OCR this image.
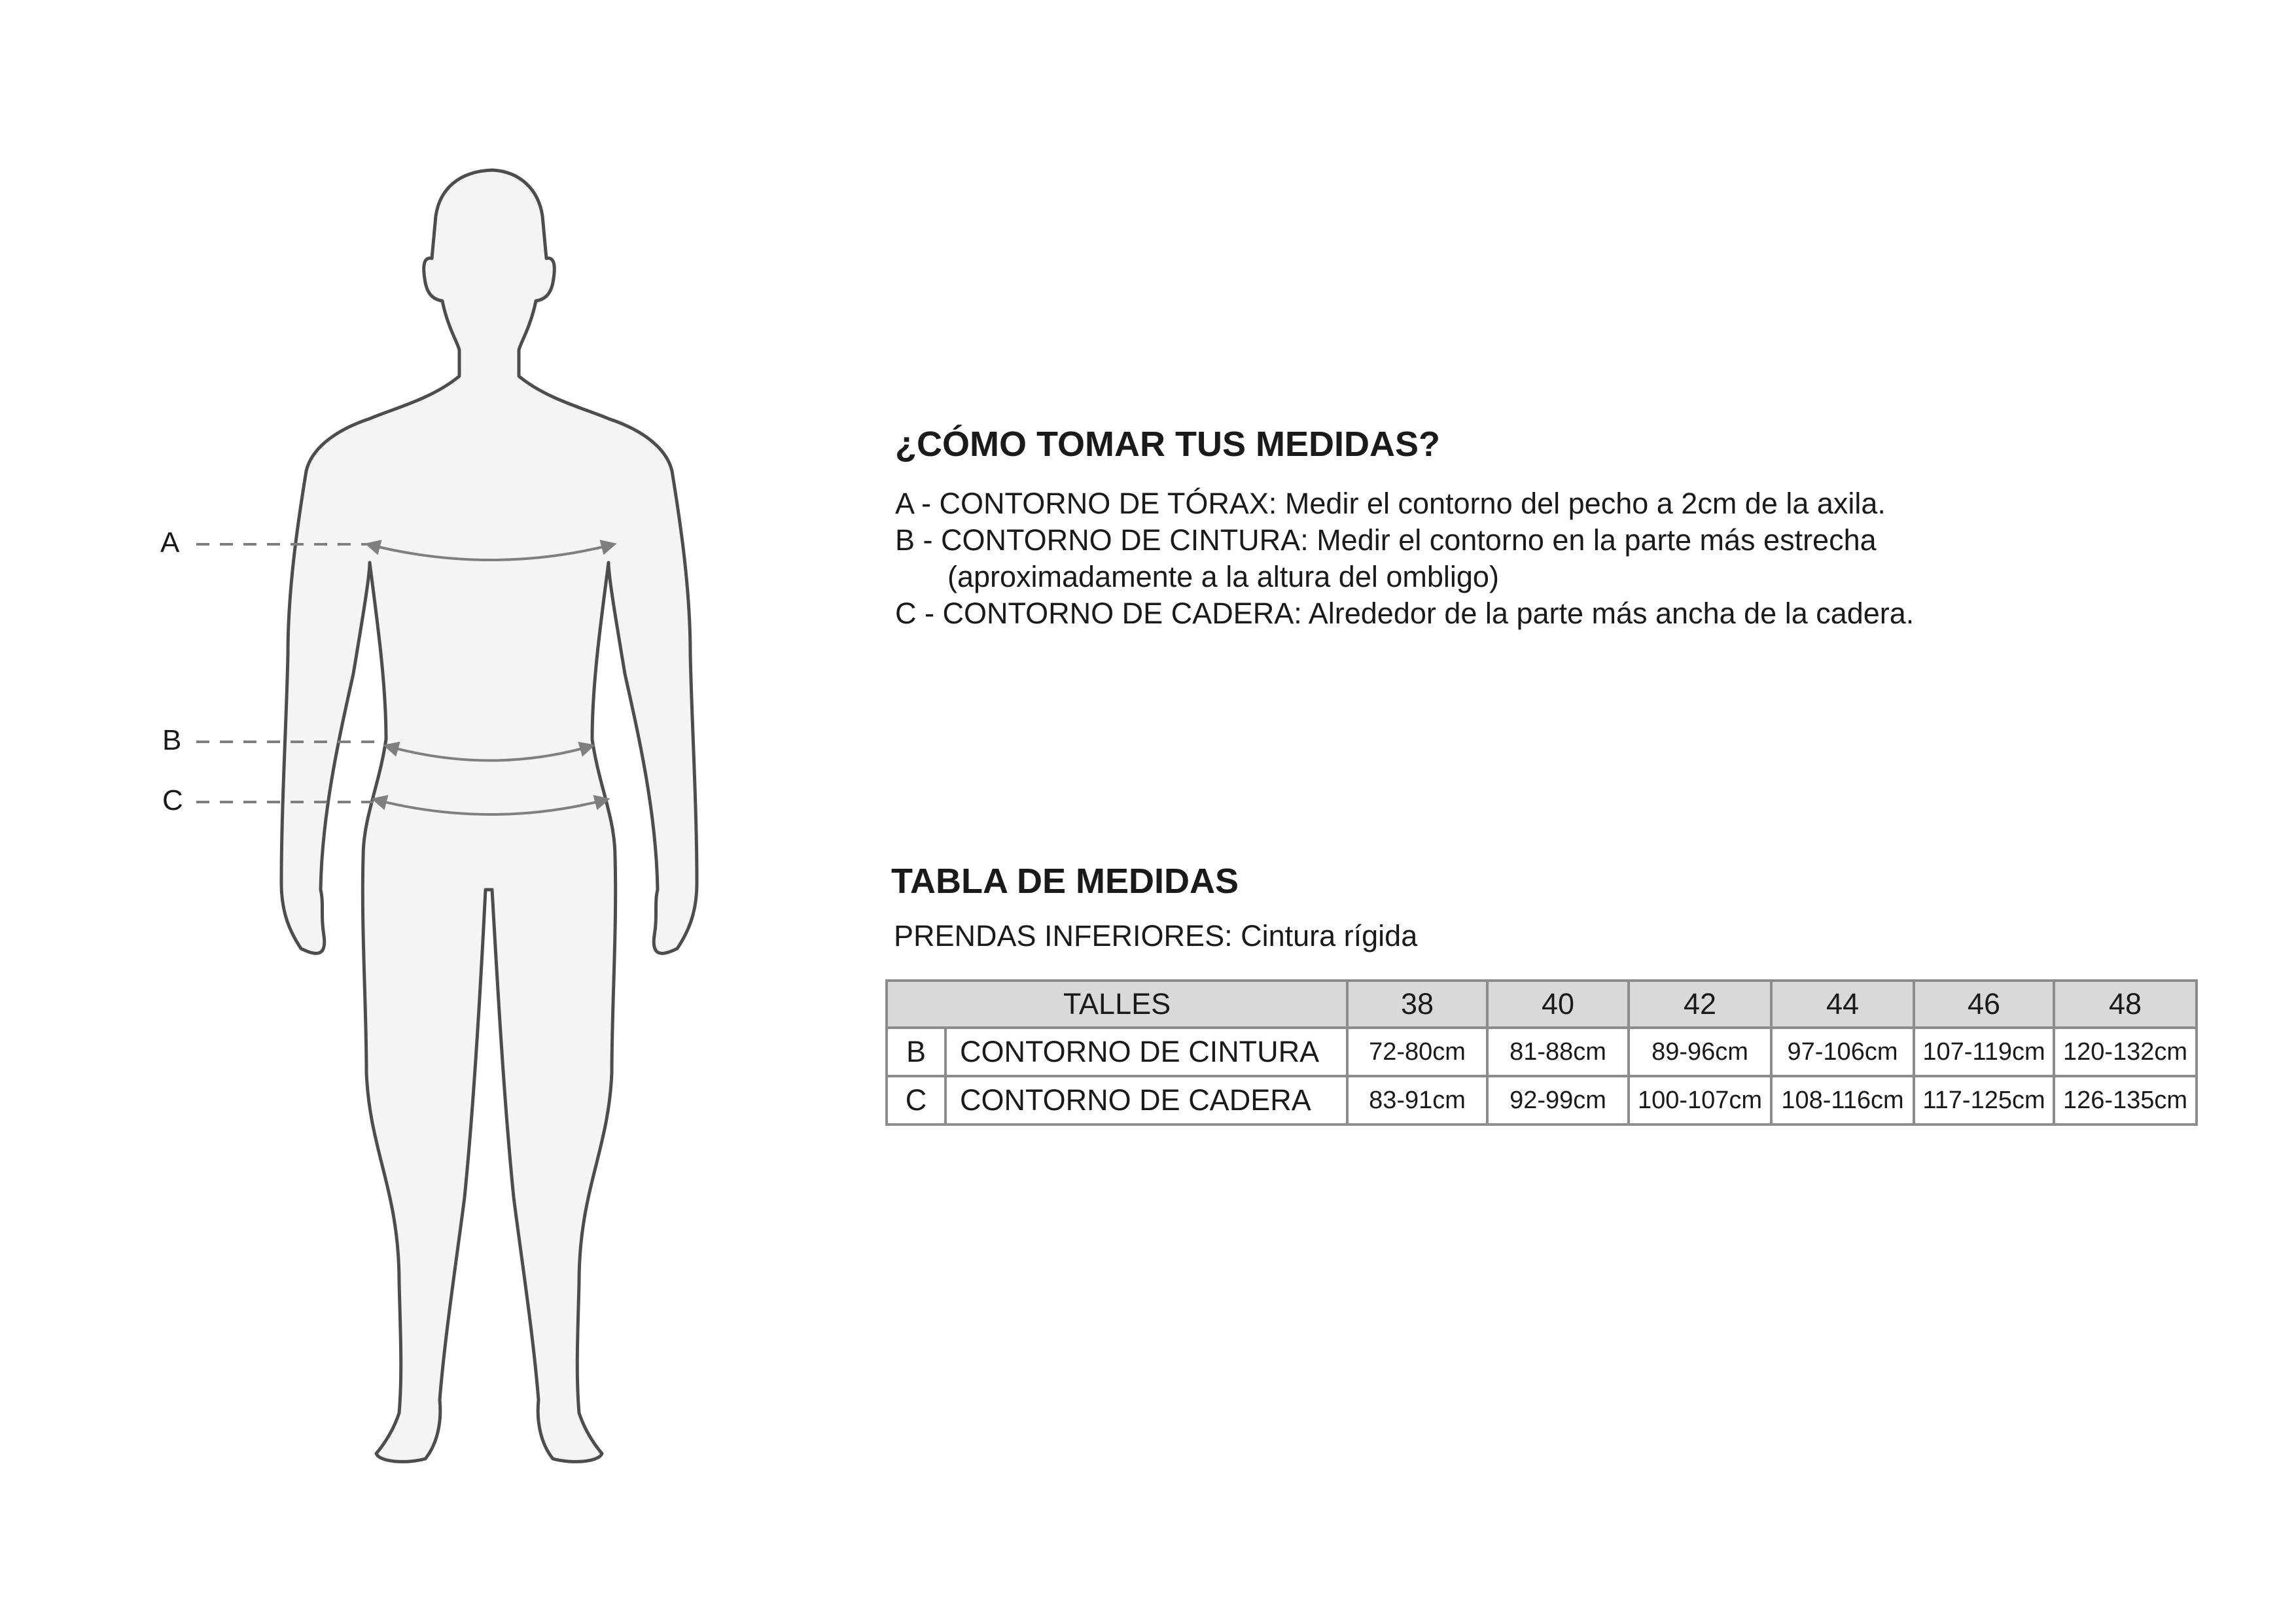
A
B
C
¿CÓMO TOMAR TUS MEDIDAS?

A - CONTORNO DE TÓRAX: Medir el contorno del pecho a 2cm de la axila.

B - CONTORNO DE CINTURA: Medir el contorno en la parte más estrecha

(aproximadamente a la altura del ombligo)

C - CONTORNO DE CADERA: Alrededor de la parte más ancha de la cadera.

TABLA DE MEDIDAS

PRENDAS INFERIORES: Cintura rígida

TALLES		38	40	42	44	46	48
B	CONTORNO DE CINTURA	72-80cm	81-88cm	89-96cm	97-106cm	107-119cm	120-132cm
C	CONTORNO DE CADERA	83-91cm	92-99cm	100-107cm	108-116cm	117-125cm	126-135cm
